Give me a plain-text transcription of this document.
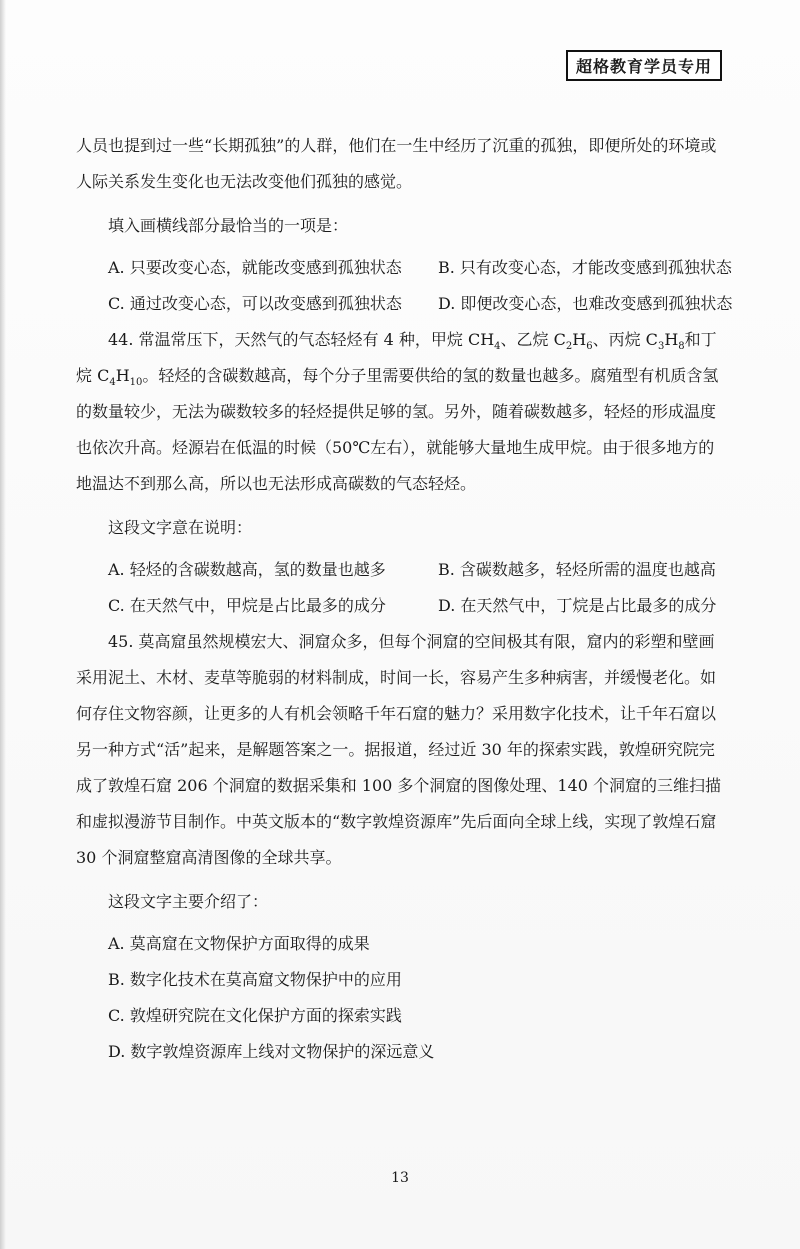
超格教育学员专用

人员也提到过一些“长期孤独”的人群，他们在一生中经历了沉重的孤独，即便所处的环境或人际关系发生变化也无法改变他们孤独的感觉。

填入画横线部分最恰当的一项是：

A. 只要改变心态，就能改变感到孤独状态	B. 只有改变心态，才能改变感到孤独状态
C. 通过改变心态，可以改变感到孤独状态	D. 即便改变心态，也难改变感到孤独状态

44. 常温常压下，天然气的气态轻烃有 4 种，甲烷 $CH_4$、乙烷 $C_2H_6$、丙烷 $C_3H_8$和丁烷 $C_4H_{10}$。轻烃的含碳数越高，每个分子里需要供给的氢的数量也越多。腐殖型有机质含氢的数量较少，无法为碳数较多的轻烃提供足够的氢。另外，随着碳数越多，轻烃的形成温度也依次升高。烃源岩在低温的时候（50℃左右），就能够大量地生成甲烷。由于很多地方的地温达不到那么高，所以也无法形成高碳数的气态轻烃。

这段文字意在说明：

A. 轻烃的含碳数越高，氢的数量也越多	B. 含碳数越多，轻烃所需的温度也越高
C. 在天然气中，甲烷是占比最多的成分	D. 在天然气中，丁烷是占比最多的成分

45. 莫高窟虽然规模宏大、洞窟众多，但每个洞窟的空间极其有限，窟内的彩塑和壁画采用泥土、木材、麦草等脆弱的材料制成，时间一长，容易产生多种病害，并缓慢老化。如何存住文物容颜，让更多的人有机会领略千年石窟的魅力？采用数字化技术，让千年石窟以另一种方式“活”起来，是解题答案之一。据报道，经过近 30 年的探索实践，敦煌研究院完成了敦煌石窟 206 个洞窟的数据采集和 100 多个洞窟的图像处理、140 个洞窟的三维扫描和虚拟漫游节目制作。中英文版本的“数字敦煌资源库”先后面向全球上线，实现了敦煌石窟 30 个洞窟整窟高清图像的全球共享。

这段文字主要介绍了：

A. 莫高窟在文物保护方面取得的成果
B. 数字化技术在莫高窟文物保护中的应用
C. 敦煌研究院在文化保护方面的探索实践
D. 数字敦煌资源库上线对文物保护的深远意义
13
